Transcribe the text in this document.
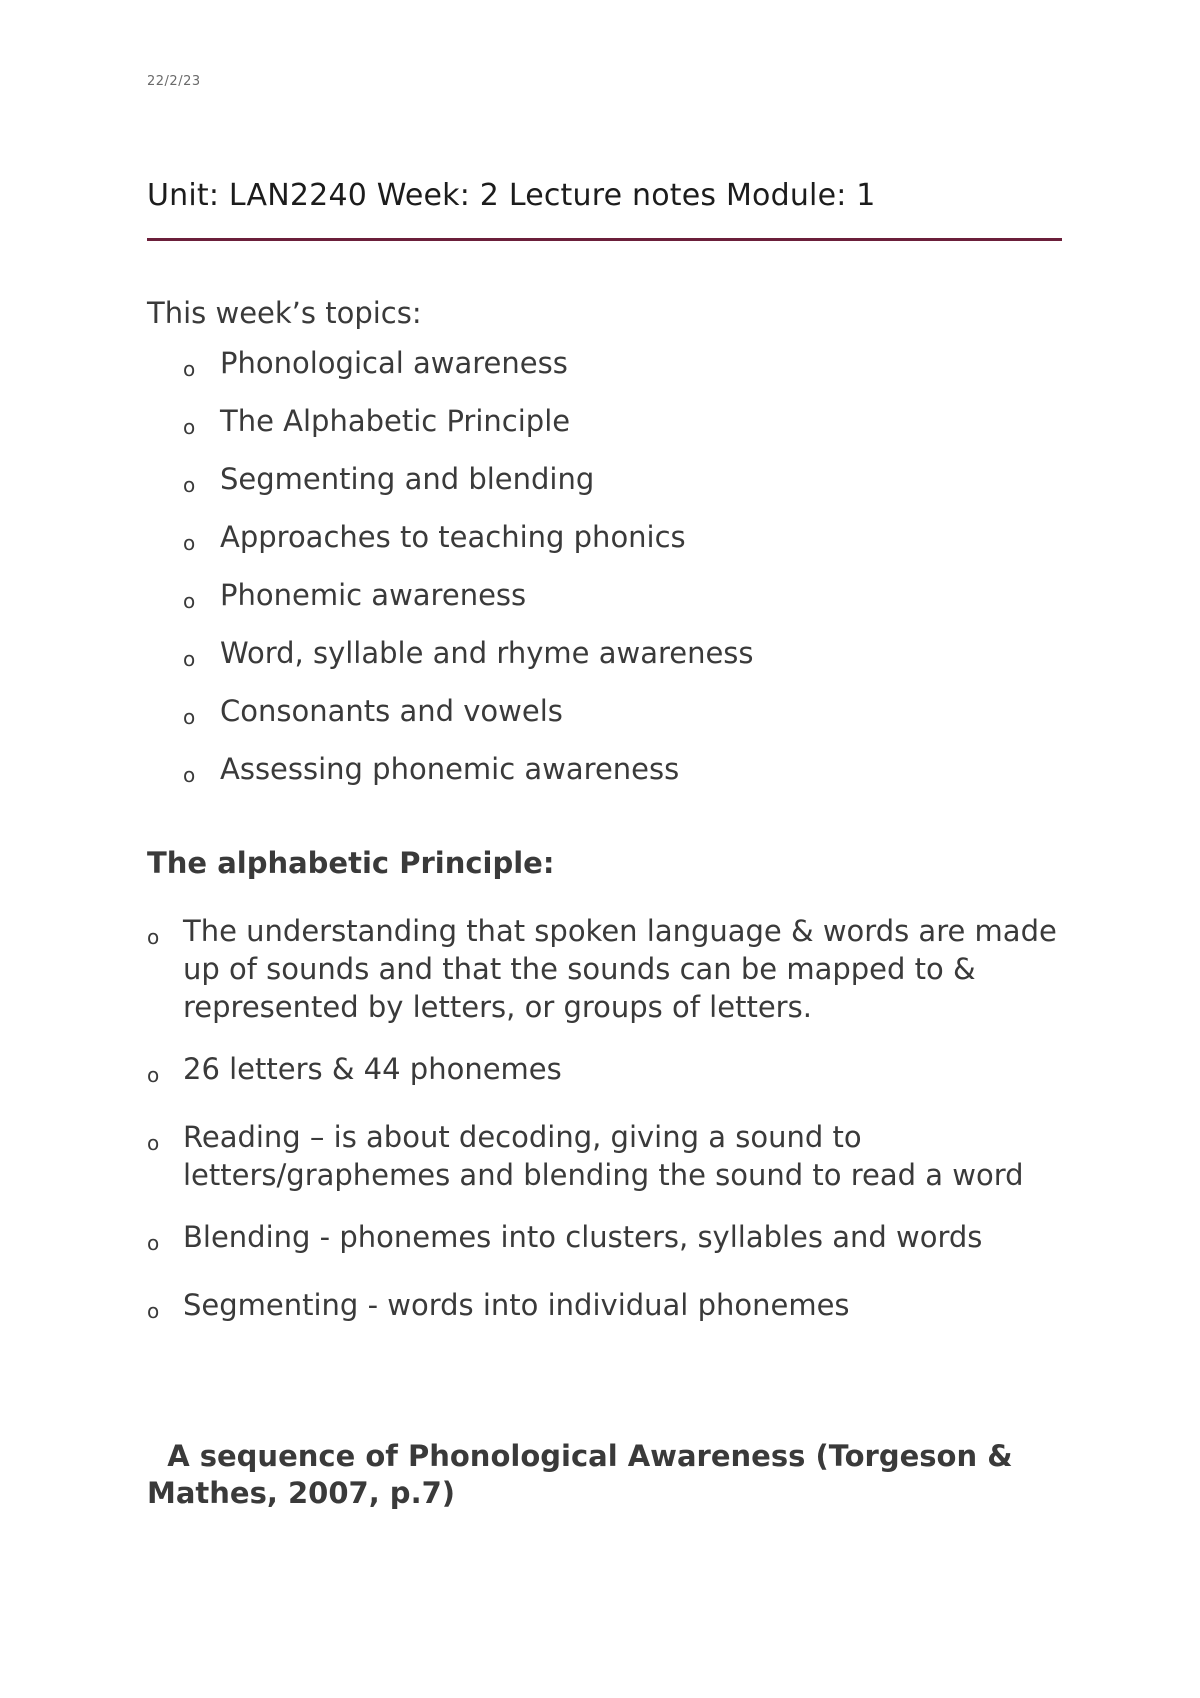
22/2/23
Unit: LAN2240 Week: 2 Lecture notes Module: 1
This week’s topics:
o Phonological awareness
o The Alphabetic Principle
o Segmenting and blending
o Approaches to teaching phonics
o Phonemic awareness
o Word, syllable and rhyme awareness
o Consonants and vowels
o Assessing phonemic awareness
The alphabetic Principle:
o The understanding that spoken language & words are made up of sounds and that the sounds can be mapped to & represented by letters, or groups of letters.
o 26 letters & 44 phonemes
o Reading – is about decoding, giving a sound to letters/graphemes and blending the sound to read a word
o Blending - phonemes into clusters, syllables and words
o Segmenting - words into individual phonemes
A sequence of Phonological Awareness (Torgeson & Mathes, 2007, p.7)
